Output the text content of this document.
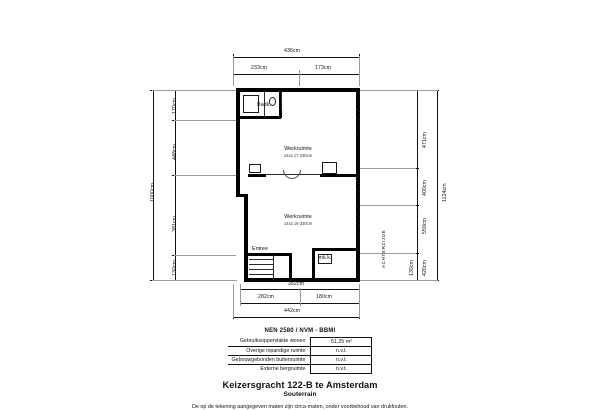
436cm
233cm	173cm
1000cm
170cm
448cm
381cm
130cm
1124cm
471cm
400cm
559cm
420cm
130cm
Badk.
Werkruimte
14x2 17-230cm
Werkruimte
14x2 16-330cm
Entree
mk.k.	ACHTERZIJDE
382cm
282cm	180cm
442cm
NEN 2580 / NVM - BBMI
Gebruiksoppervlakte wonen	51,25 m²
Overige inpandige ruimte	n.v.t.
Gebouwgebonden buitenruimte	n.v.t.
Externe bergruimte	n.v.t.
Keizersgracht 122-B te Amsterdam
Souterrain
De op de tekening aangegeven maten zijn circa-maten, onder voorbehoud van drukfouten.
